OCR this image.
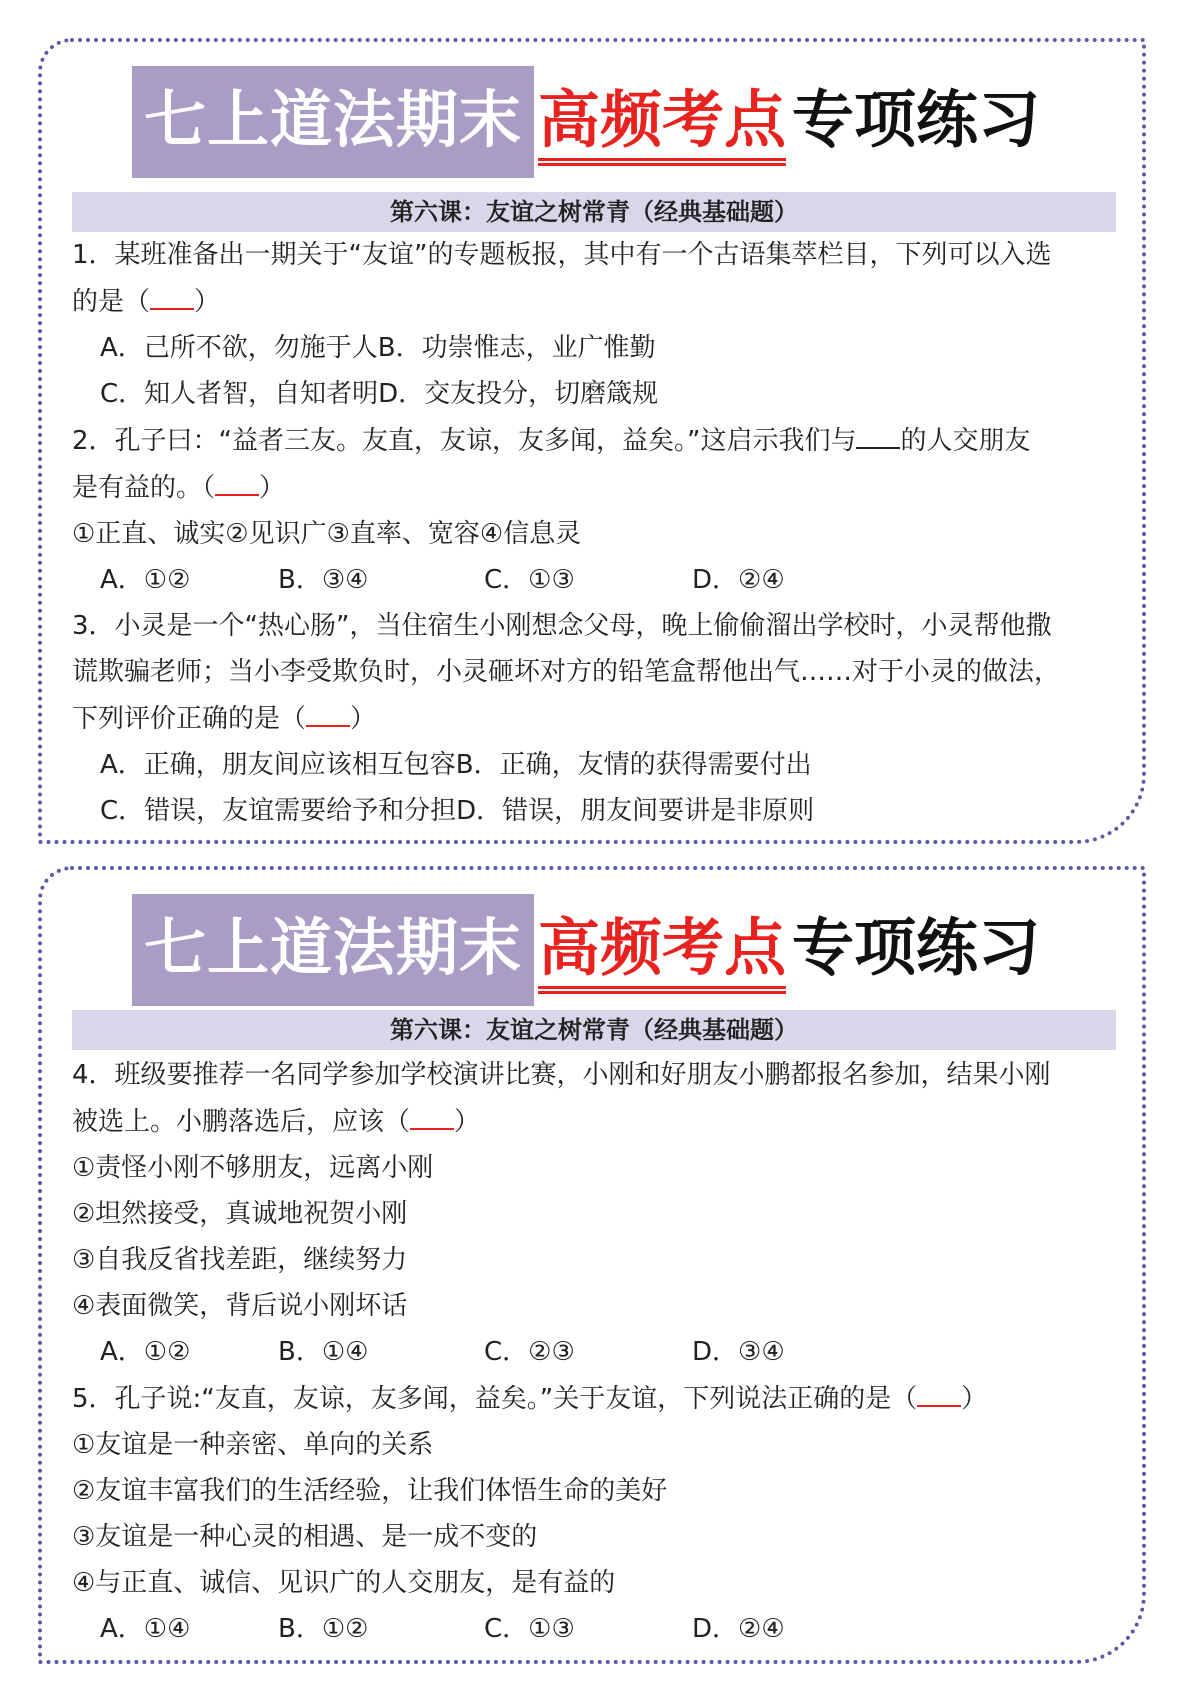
七上道法期末 高频考点 专项练习
第六课：友谊之树常青（经典基础题）
1．某班准备出一期关于“友谊”的专题板报，其中有一个古语集萃栏目，下列可以入选
的是（ ）
A．己所不欲，勿施于人B．功崇惟志，业广惟勤
C．知人者智，自知者明D．交友投分，切磨箴规
2．孔子曰：“益者三友。友直，友谅，友多闻，益矣。”这启示我们与 的人交朋友
是有益的。（ ）
①正直、诚实②见识广③直率、宽容④信息灵
A．①②	B．③④	C．①③	D．②④
3．小灵是一个“热心肠”，当住宿生小刚想念父母，晚上偷偷溜出学校时，小灵帮他撒
谎欺骗老师；当小李受欺负时，小灵砸坏对方的铅笔盒帮他出气……对于小灵的做法，
下列评价正确的是（ ）
A．正确，朋友间应该相互包容B．正确，友情的获得需要付出
C．错误，友谊需要给予和分担D．错误，朋友间要讲是非原则
七上道法期末 高频考点 专项练习
第六课：友谊之树常青（经典基础题）
4．班级要推荐一名同学参加学校演讲比赛，小刚和好朋友小鹏都报名参加，结果小刚
被选上。小鹏落选后，应该（ ）
①责怪小刚不够朋友，远离小刚
②坦然接受，真诚地祝贺小刚
③自我反省找差距，继续努力
④表面微笑，背后说小刚坏话
A．①②	B．①④	C．②③	D．③④
5．孔子说:“友直，友谅，友多闻，益矣。”关于友谊，下列说法正确的是（ ）
①友谊是一种亲密、单向的关系
②友谊丰富我们的生活经验，让我们体悟生命的美好
③友谊是一种心灵的相遇、是一成不变的
④与正直、诚信、见识广的人交朋友，是有益的
A．①④	B．①②	C．①③	D．②④
